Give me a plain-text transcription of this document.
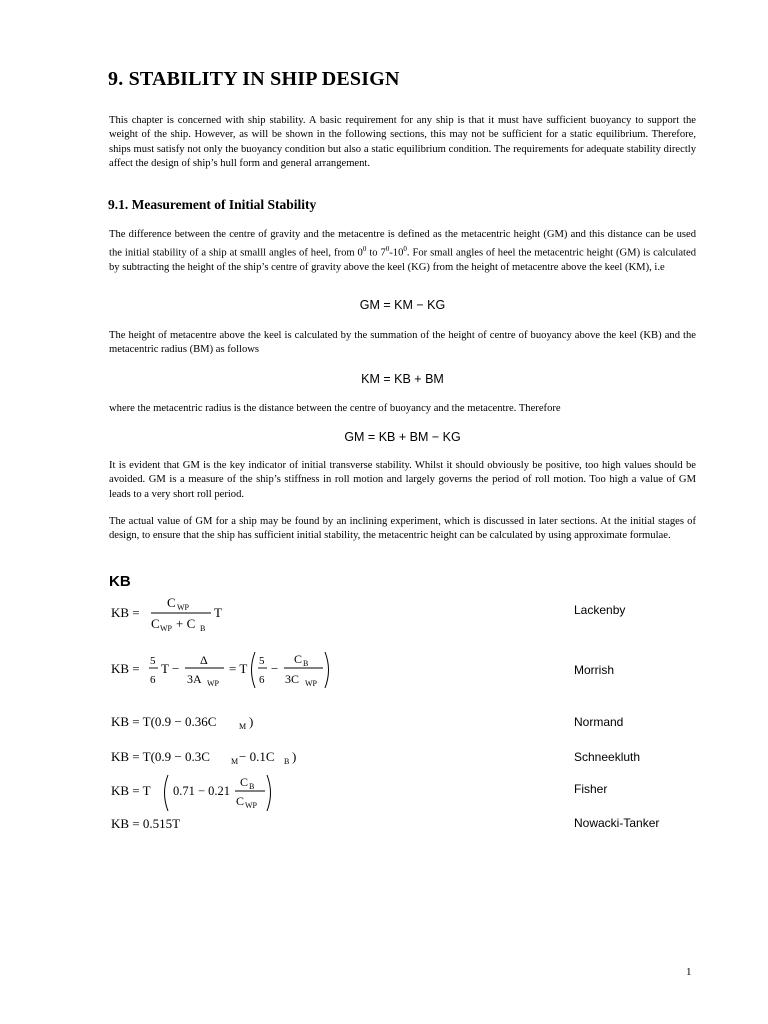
9. STABILITY IN SHIP DESIGN

This chapter is concerned with ship stability. A basic requirement for any ship is that it must have sufficient buoyancy to support the weight of the ship. However, as will be shown in the following sections, this may not be sufficient for a static equilibrium. Therefore, ships must satisfy not only the buoyancy condition but also a static equilibrium condition. The requirements for adequate stability directly affect the design of ship’s hull form and general arrangement.

9.1. Measurement of Initial Stability

The difference between the centre of gravity and the metacentre is defined as the metacentric height (GM) and this distance can be used the initial stability of a ship at smalll angles of heel, from $0^0$ to $7^0-10^0$. For small angles of heel the metacentric height (GM) is calculated by subtracting the height of the ship’s centre of gravity above the keel (KG) from the height of metacentre above the keel (KM), i.e

GM = KM − KG

The height of metacentre above the keel is calculated by the summation of the height of centre of buoyancy above the keel (KB) and the metacentric radius (BM) as follows

KM = KB + BM

where the metacentric radius is the distance between the centre of buoyancy and the metacentre. Therefore

GM = KB + BM − KG

It is evident that GM is the key indicator of initial transverse stability. Whilst it should obviously be positive, too high values should be avoided. GM is a measure of the ship’s stiffness in roll motion and largely governs the period of roll motion. Too high a value of GM leads to a very short roll period.

The actual value of GM for a ship may be found by an inclining experiment, which is discussed in later sections. At the initial stages of design, to ensure that the ship has sufficient initial stability, the metacentric height can be calculated by using approximate formulae.

KB
KB =
C WP
C WP + C B
T	Lackenby
KB = 5
6
T −
Δ
3A WP
= T 5
6
−
C B
3C WP
Morrish
KB = T(0.9 − 0.36C	M )	Normand
KB = T(0.9 − 0.3C	M − 0.1C B )	Schneekluth
KB = T 0.71 − 0.21
C B
C WP
Fisher
KB = 0.515T	Nowacki-Tanker
1
